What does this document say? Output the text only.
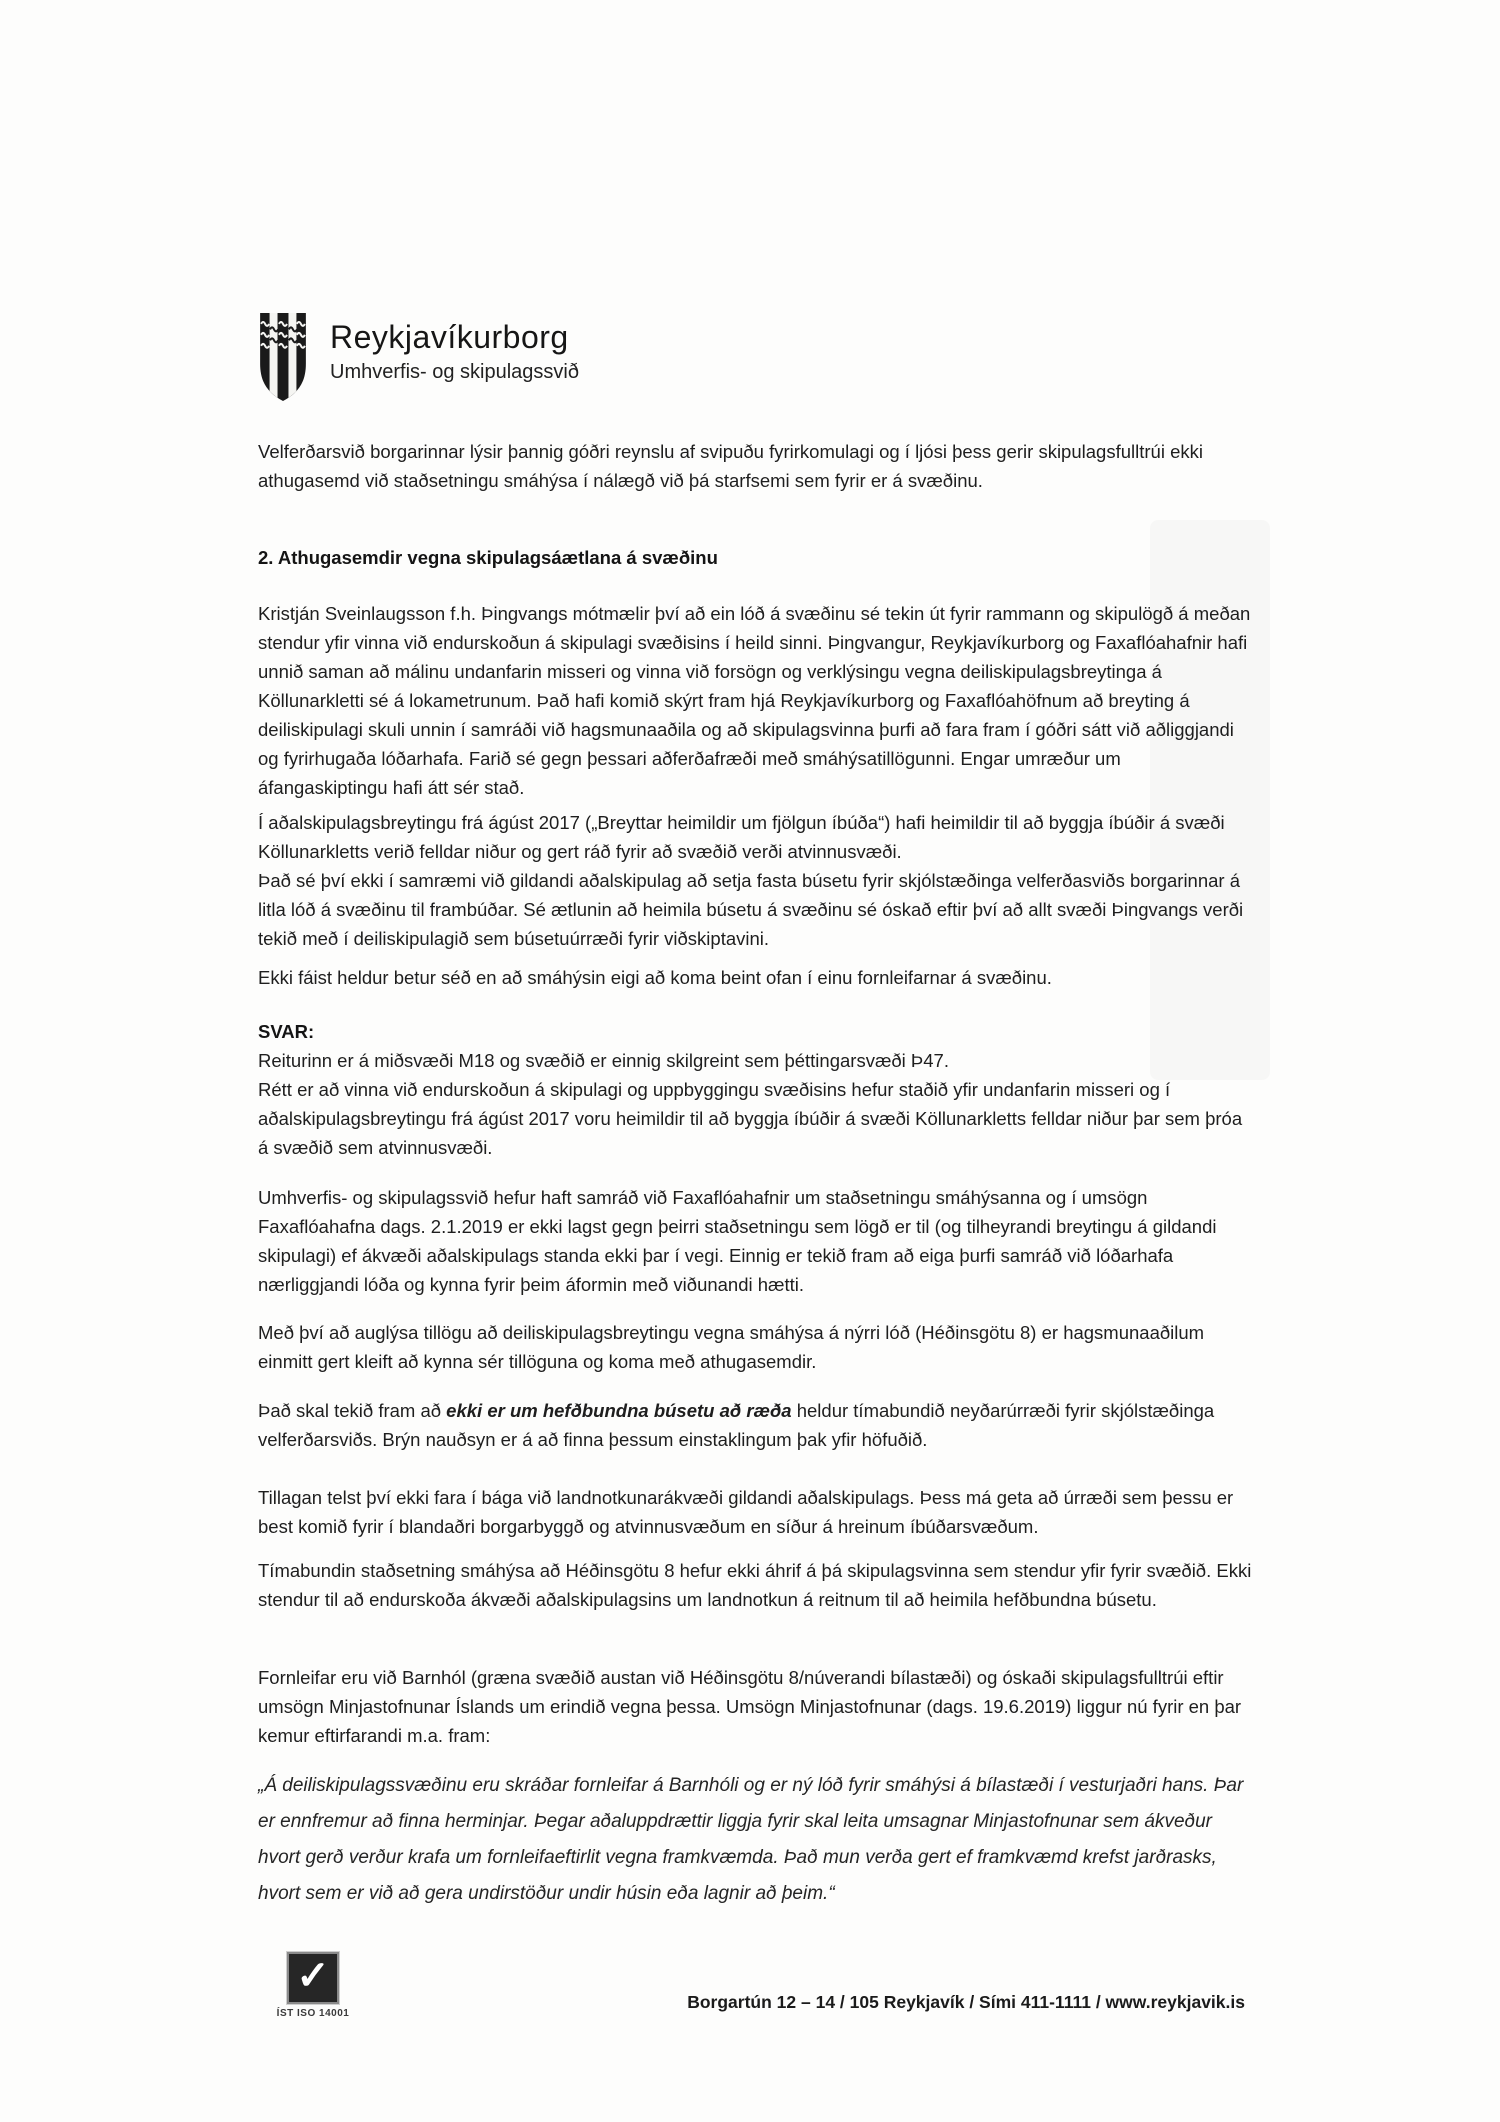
Reykjavíkurborg
Umhverfis- og skipulagssvið

Velferðarsvið borgarinnar lýsir þannig góðri reynslu af svipuðu fyrirkomulagi og í ljósi þess gerir skipulagsfulltrúi ekki athugasemd við staðsetningu smáhýsa í nálægð við þá starfsemi sem fyrir er á svæðinu.

2. Athugasemdir vegna skipulagsáætlana á svæðinu

Kristján Sveinlaugsson f.h. Þingvangs mótmælir því að ein lóð á svæðinu sé tekin út fyrir rammann og skipulögð á meðan stendur yfir vinna við endurskoðun á skipulagi svæðisins í heild sinni. Þingvangur, Reykjavíkurborg og Faxaflóahafnir hafi unnið saman að málinu undanfarin misseri og vinna við forsögn og verklýsingu vegna deiliskipulagsbreytinga á Köllunarkletti sé á lokametrunum. Það hafi komið skýrt fram hjá Reykjavíkurborg og Faxaflóahöfnum að breyting á deiliskipulagi skuli unnin í samráði við hagsmunaaðila og að skipulagsvinna þurfi að fara fram í góðri sátt við aðliggjandi og fyrirhugaða lóðarhafa. Farið sé gegn þessari aðferðafræði með smáhýsatillögunni. Engar umræður um áfangaskiptingu hafi átt sér stað.

Í aðalskipulagsbreytingu frá ágúst 2017 („Breyttar heimildir um fjölgun íbúða“) hafi heimildir til að byggja íbúðir á svæði Köllunarkletts verið felldar niður og gert ráð fyrir að svæðið verði atvinnusvæði.
Það sé því ekki í samræmi við gildandi aðalskipulag að setja fasta búsetu fyrir skjólstæðinga velferðasviðs borgarinnar á litla lóð á svæðinu til frambúðar. Sé ætlunin að heimila búsetu á svæðinu sé óskað eftir því að allt svæði Þingvangs verði tekið með í deiliskipulagið sem búsetuúrræði fyrir viðskiptavini.

Ekki fáist heldur betur séð en að smáhýsin eigi að koma beint ofan í einu fornleifarnar á svæðinu.

SVAR:
Reiturinn er á miðsvæði M18 og svæðið er einnig skilgreint sem þéttingarsvæði Þ47.
Rétt er að vinna við endurskoðun á skipulagi og uppbyggingu svæðisins hefur staðið yfir undanfarin misseri og í aðalskipulagsbreytingu frá ágúst 2017 voru heimildir til að byggja íbúðir á svæði Köllunarkletts felldar niður þar sem þróa á svæðið sem atvinnusvæði.

Umhverfis- og skipulagssvið hefur haft samráð við Faxaflóahafnir um staðsetningu smáhýsanna og í umsögn Faxaflóahafna dags. 2.1.2019 er ekki lagst gegn þeirri staðsetningu sem lögð er til (og tilheyrandi breytingu á gildandi skipulagi) ef ákvæði aðalskipulags standa ekki þar í vegi. Einnig er tekið fram að eiga þurfi samráð við lóðarhafa nærliggjandi lóða og kynna fyrir þeim áformin með viðunandi hætti.

Með því að auglýsa tillögu að deiliskipulagsbreytingu vegna smáhýsa á nýrri lóð (Héðinsgötu 8) er hagsmunaaðilum einmitt gert kleift að kynna sér tillöguna og koma með athugasemdir.

Það skal tekið fram að ekki er um hefðbundna búsetu að ræða heldur tímabundið neyðarúrræði fyrir skjólstæðinga velferðarsviðs. Brýn nauðsyn er á að finna þessum einstaklingum þak yfir höfuðið.

Tillagan telst því ekki fara í bága við landnotkunarákvæði gildandi aðalskipulags. Þess má geta að úrræði sem þessu er best komið fyrir í blandaðri borgarbyggð og atvinnusvæðum en síður á hreinum íbúðarsvæðum.

Tímabundin staðsetning smáhýsa að Héðinsgötu 8 hefur ekki áhrif á þá skipulagsvinna sem stendur yfir fyrir svæðið. Ekki stendur til að endurskoða ákvæði aðalskipulagsins um landnotkun á reitnum til að heimila hefðbundna búsetu.

Fornleifar eru við Barnhól (græna svæðið austan við Héðinsgötu 8/núverandi bílastæði) og óskaði skipulagsfulltrúi eftir umsögn Minjastofnunar Íslands um erindið vegna þessa. Umsögn Minjastofnunar (dags. 19.6.2019) liggur nú fyrir en þar kemur eftirfarandi m.a. fram:

„Á deiliskipulagssvæðinu eru skráðar fornleifar á Barnhóli og er ný lóð fyrir smáhýsi á bílastæði í vesturjaðri hans. Þar er ennfremur að finna herminjar. Þegar aðaluppdrættir liggja fyrir skal leita umsagnar Minjastofnunar sem ákveður hvort gerð verður krafa um fornleifaeftirlit vegna framkvæmda. Það mun verða gert ef framkvæmd krefst jarðrasks, hvort sem er við að gera undirstöður undir húsin eða lagnir að þeim.“

✓
ÍST ISO 14001
Borgartún 12 – 14 / 105 Reykjavík / Sími 411-1111 / www.reykjavik.is
